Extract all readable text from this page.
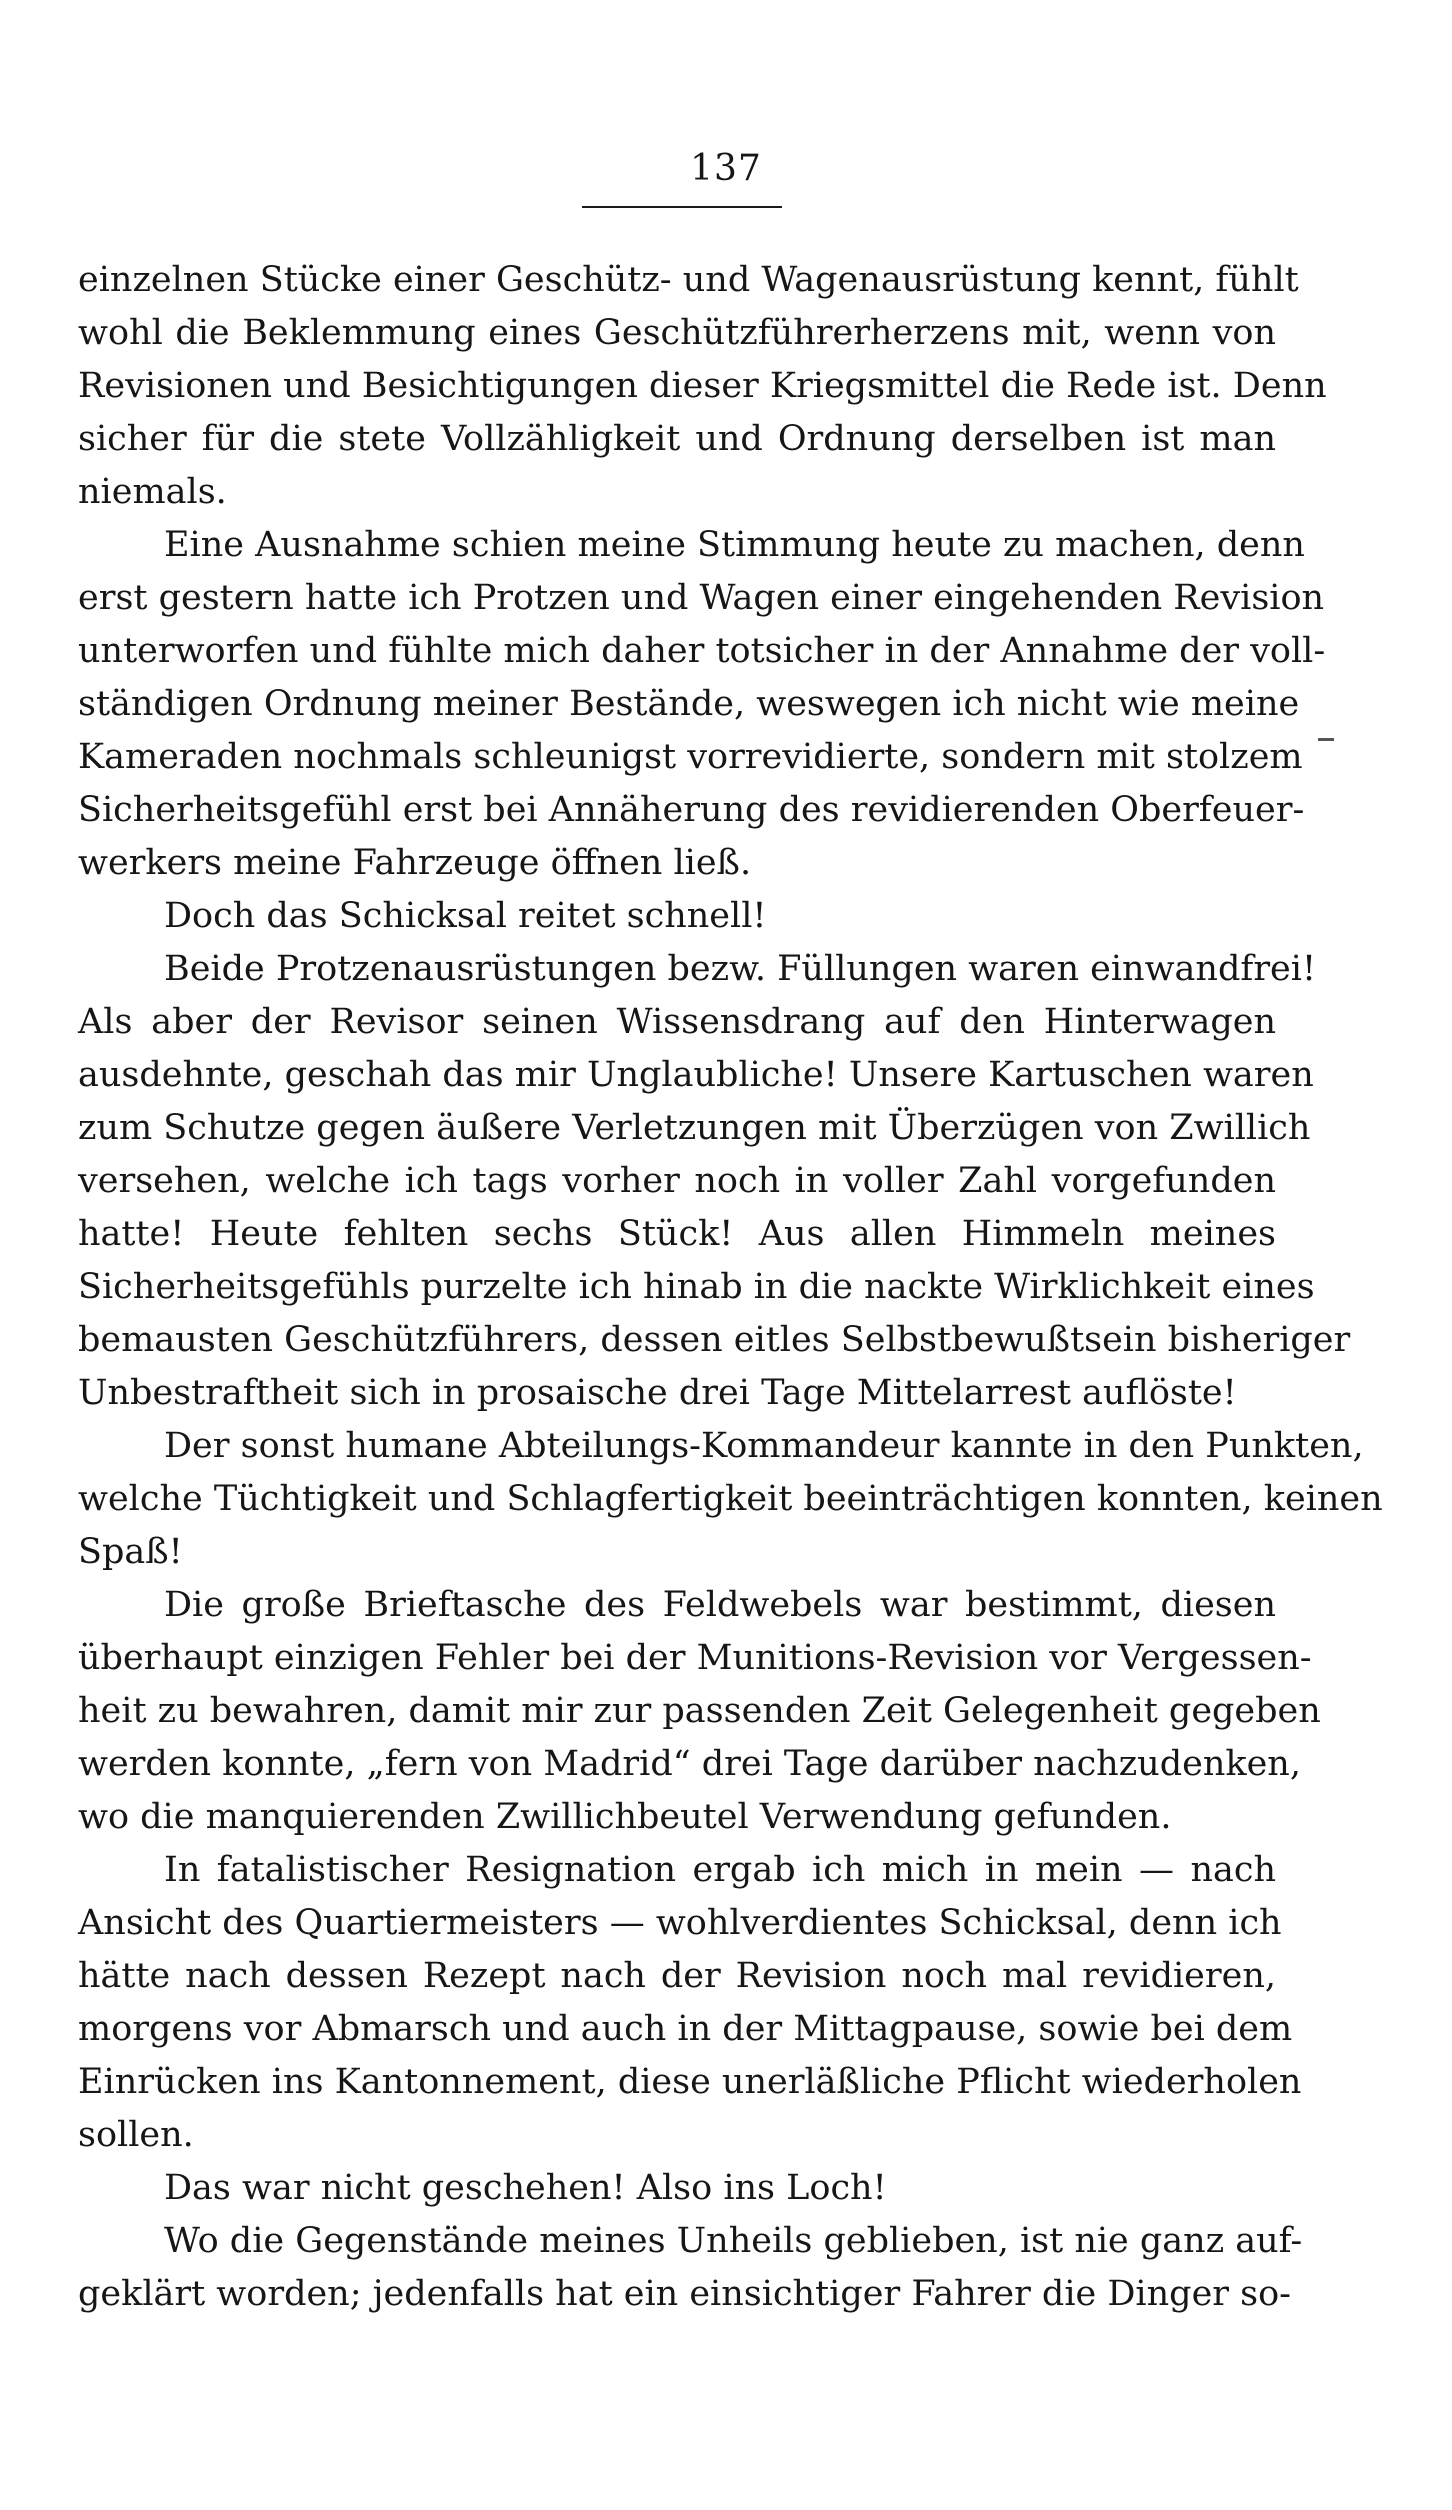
137
einzelnen Stücke einer Geschütz- und Wagenausrüstung kennt, fühlt
wohl die Beklemmung eines Geschützführerherzens mit, wenn von
Revisionen und Besichtigungen dieser Kriegsmittel die Rede ist. Denn
sicher für die stete Vollzähligkeit und Ordnung derselben ist man
niemals.
Eine Ausnahme schien meine Stimmung heute zu machen, denn
erst gestern hatte ich Protzen und Wagen einer eingehenden Revision
unterworfen und fühlte mich daher totsicher in der Annahme der voll-
ständigen Ordnung meiner Bestände, weswegen ich nicht wie meine
Kameraden nochmals schleunigst vorrevidierte, sondern mit stolzem
Sicherheitsgefühl erst bei Annäherung des revidierenden Oberfeuer-
werkers meine Fahrzeuge öffnen ließ.
Doch das Schicksal reitet schnell!
Beide Protzenausrüstungen bezw. Füllungen waren einwandfrei!
Als aber der Revisor seinen Wissensdrang auf den Hinterwagen
ausdehnte, geschah das mir Unglaubliche! Unsere Kartuschen waren
zum Schutze gegen äußere Verletzungen mit Überzügen von Zwillich
versehen, welche ich tags vorher noch in voller Zahl vorgefunden
hatte! Heute fehlten sechs Stück! Aus allen Himmeln meines
Sicherheitsgefühls purzelte ich hinab in die nackte Wirklichkeit eines
bemausten Geschützführers, dessen eitles Selbstbewußtsein bisheriger
Unbestraftheit sich in prosaische drei Tage Mittelarrest auflöste!
Der sonst humane Abteilungs-Kommandeur kannte in den Punkten,
welche Tüchtigkeit und Schlagfertigkeit beeinträchtigen konnten, keinen
Spaß!
Die große Brieftasche des Feldwebels war bestimmt, diesen
überhaupt einzigen Fehler bei der Munitions-Revision vor Vergessen-
heit zu bewahren, damit mir zur passenden Zeit Gelegenheit gegeben
werden konnte, „fern von Madrid“ drei Tage darüber nachzudenken,
wo die manquierenden Zwillichbeutel Verwendung gefunden.
In fatalistischer Resignation ergab ich mich in mein — nach
Ansicht des Quartiermeisters — wohlverdientes Schicksal, denn ich
hätte nach dessen Rezept nach der Revision noch mal revidieren,
morgens vor Abmarsch und auch in der Mittagpause, sowie bei dem
Einrücken ins Kantonnement, diese unerläßliche Pflicht wiederholen
sollen.
Das war nicht geschehen! Also ins Loch!
Wo die Gegenstände meines Unheils geblieben, ist nie ganz auf-
geklärt worden; jedenfalls hat ein einsichtiger Fahrer die Dinger so-
